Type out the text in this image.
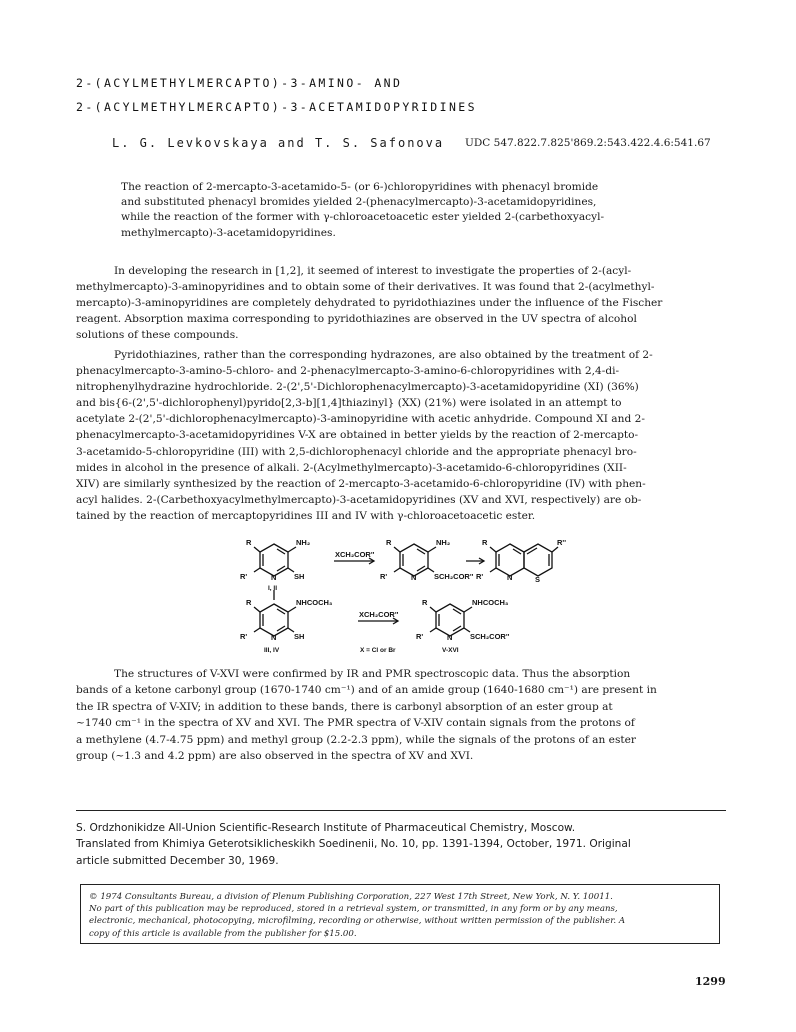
2-(ACYLMETHYLMERCAPTO)-3-AMINO- AND
2-(ACYLMETHYLMERCAPTO)-3-ACETAMIDOPYRIDINES
L. G. Levkovskaya and T. S. Safonova UDC 547.822.7.825'869.2:543.422.4.6:541.67
The reaction of 2-mercapto-3-acetamido-5- (or 6-)chloropyridines with phenacyl bromide
and substituted phenacyl bromides yielded 2-(phenacylmercapto)-3-acetamidopyridines,
while the reaction of the former with γ-chloroacetoacetic ester yielded 2-(carbethoxyacyl-
methylmercapto)-3-acetamidopyridines.
In developing the research in [1,2], it seemed of interest to investigate the properties of 2-(acyl-
methylmercapto)-3-aminopyridines and to obtain some of their derivatives. It was found that 2-(acylmethyl-
mercapto)-3-aminopyridines are completely dehydrated to pyridothiazines under the influence of the Fischer
reagent. Absorption maxima corresponding to pyridothiazines are observed in the UV spectra of alcohol
solutions of these compounds.
Pyridothiazines, rather than the corresponding hydrazones, are also obtained by the treatment of 2-
phenacylmercapto-3-amino-5-chloro- and 2-phenacylmercapto-3-amino-6-chloropyridines with 2,4-di-
nitrophenylhydrazine hydrochloride. 2-(2',5'-Dichlorophenacylmercapto)-3-acetamidopyridine (XI) (36%)
and bis{6-(2',5'-dichlorophenyl)pyrido[2,3-b][1,4]thiazinyl} (XX) (21%) were isolated in an attempt to
acetylate 2-(2',5'-dichlorophenacylmercapto)-3-aminopyridine with acetic anhydride. Compound XI and 2-
phenacylmercapto-3-acetamidopyridines V-X are obtained in better yields by the reaction of 2-mercapto-
3-acetamido-5-chloropyridine (III) with 2,5-dichlorophenacyl chloride and the appropriate phenacyl bro-
mides in alcohol in the presence of alkali. 2-(Acylmethylmercapto)-3-acetamido-6-chloropyridines (XII-
XIV) are similarly synthesized by the reaction of 2-mercapto-3-acetamido-6-chloropyridine (IV) with phen-
acyl halides. 2-(Carbethoxyacylmethylmercapto)-3-acetamidopyridines (XV and XVI, respectively) are ob-
tained by the reaction of mercaptopyridines III and IV with γ-chloroacetoacetic ester.
R	NH₂
R'	N SH
I, II
XCH₂COR''
R	NH₂
R'	N SCH₂COR''
R
R'	N	S
R''
R	NHCOCH₃
R'	N SH
III, IV
XCH₂COR''
X = Cl or Br
R	NHCOCH₃
R'	N SCH₂COR''
V-XVI
The structures of V-XVI were confirmed by IR and PMR spectroscopic data. Thus the absorption
bands of a ketone carbonyl group (1670-1740 cm⁻¹) and of an amide group (1640-1680 cm⁻¹) are present in
the IR spectra of V-XIV; in addition to these bands, there is carbonyl absorption of an ester group at
~1740 cm⁻¹ in the spectra of XV and XVI. The PMR spectra of V-XIV contain signals from the protons of
a methylene (4.7-4.75 ppm) and methyl group (2.2-2.3 ppm), while the signals of the protons of an ester
group (~1.3 and 4.2 ppm) are also observed in the spectra of XV and XVI.
S. Ordzhonikidze All-Union Scientific-Research Institute of Pharmaceutical Chemistry, Moscow.
Translated from Khimiya Geterotsiklicheskikh Soedinenii, No. 10, pp. 1391-1394, October, 1971. Original
article submitted December 30, 1969.
© 1974 Consultants Bureau, a division of Plenum Publishing Corporation, 227 West 17th Street, New York, N. Y. 10011.
No part of this publication may be reproduced, stored in a retrieval system, or transmitted, in any form or by any means,
electronic, mechanical, photocopying, microfilming, recording or otherwise, without written permission of the publisher. A
copy of this article is available from the publisher for $15.00.
1299
